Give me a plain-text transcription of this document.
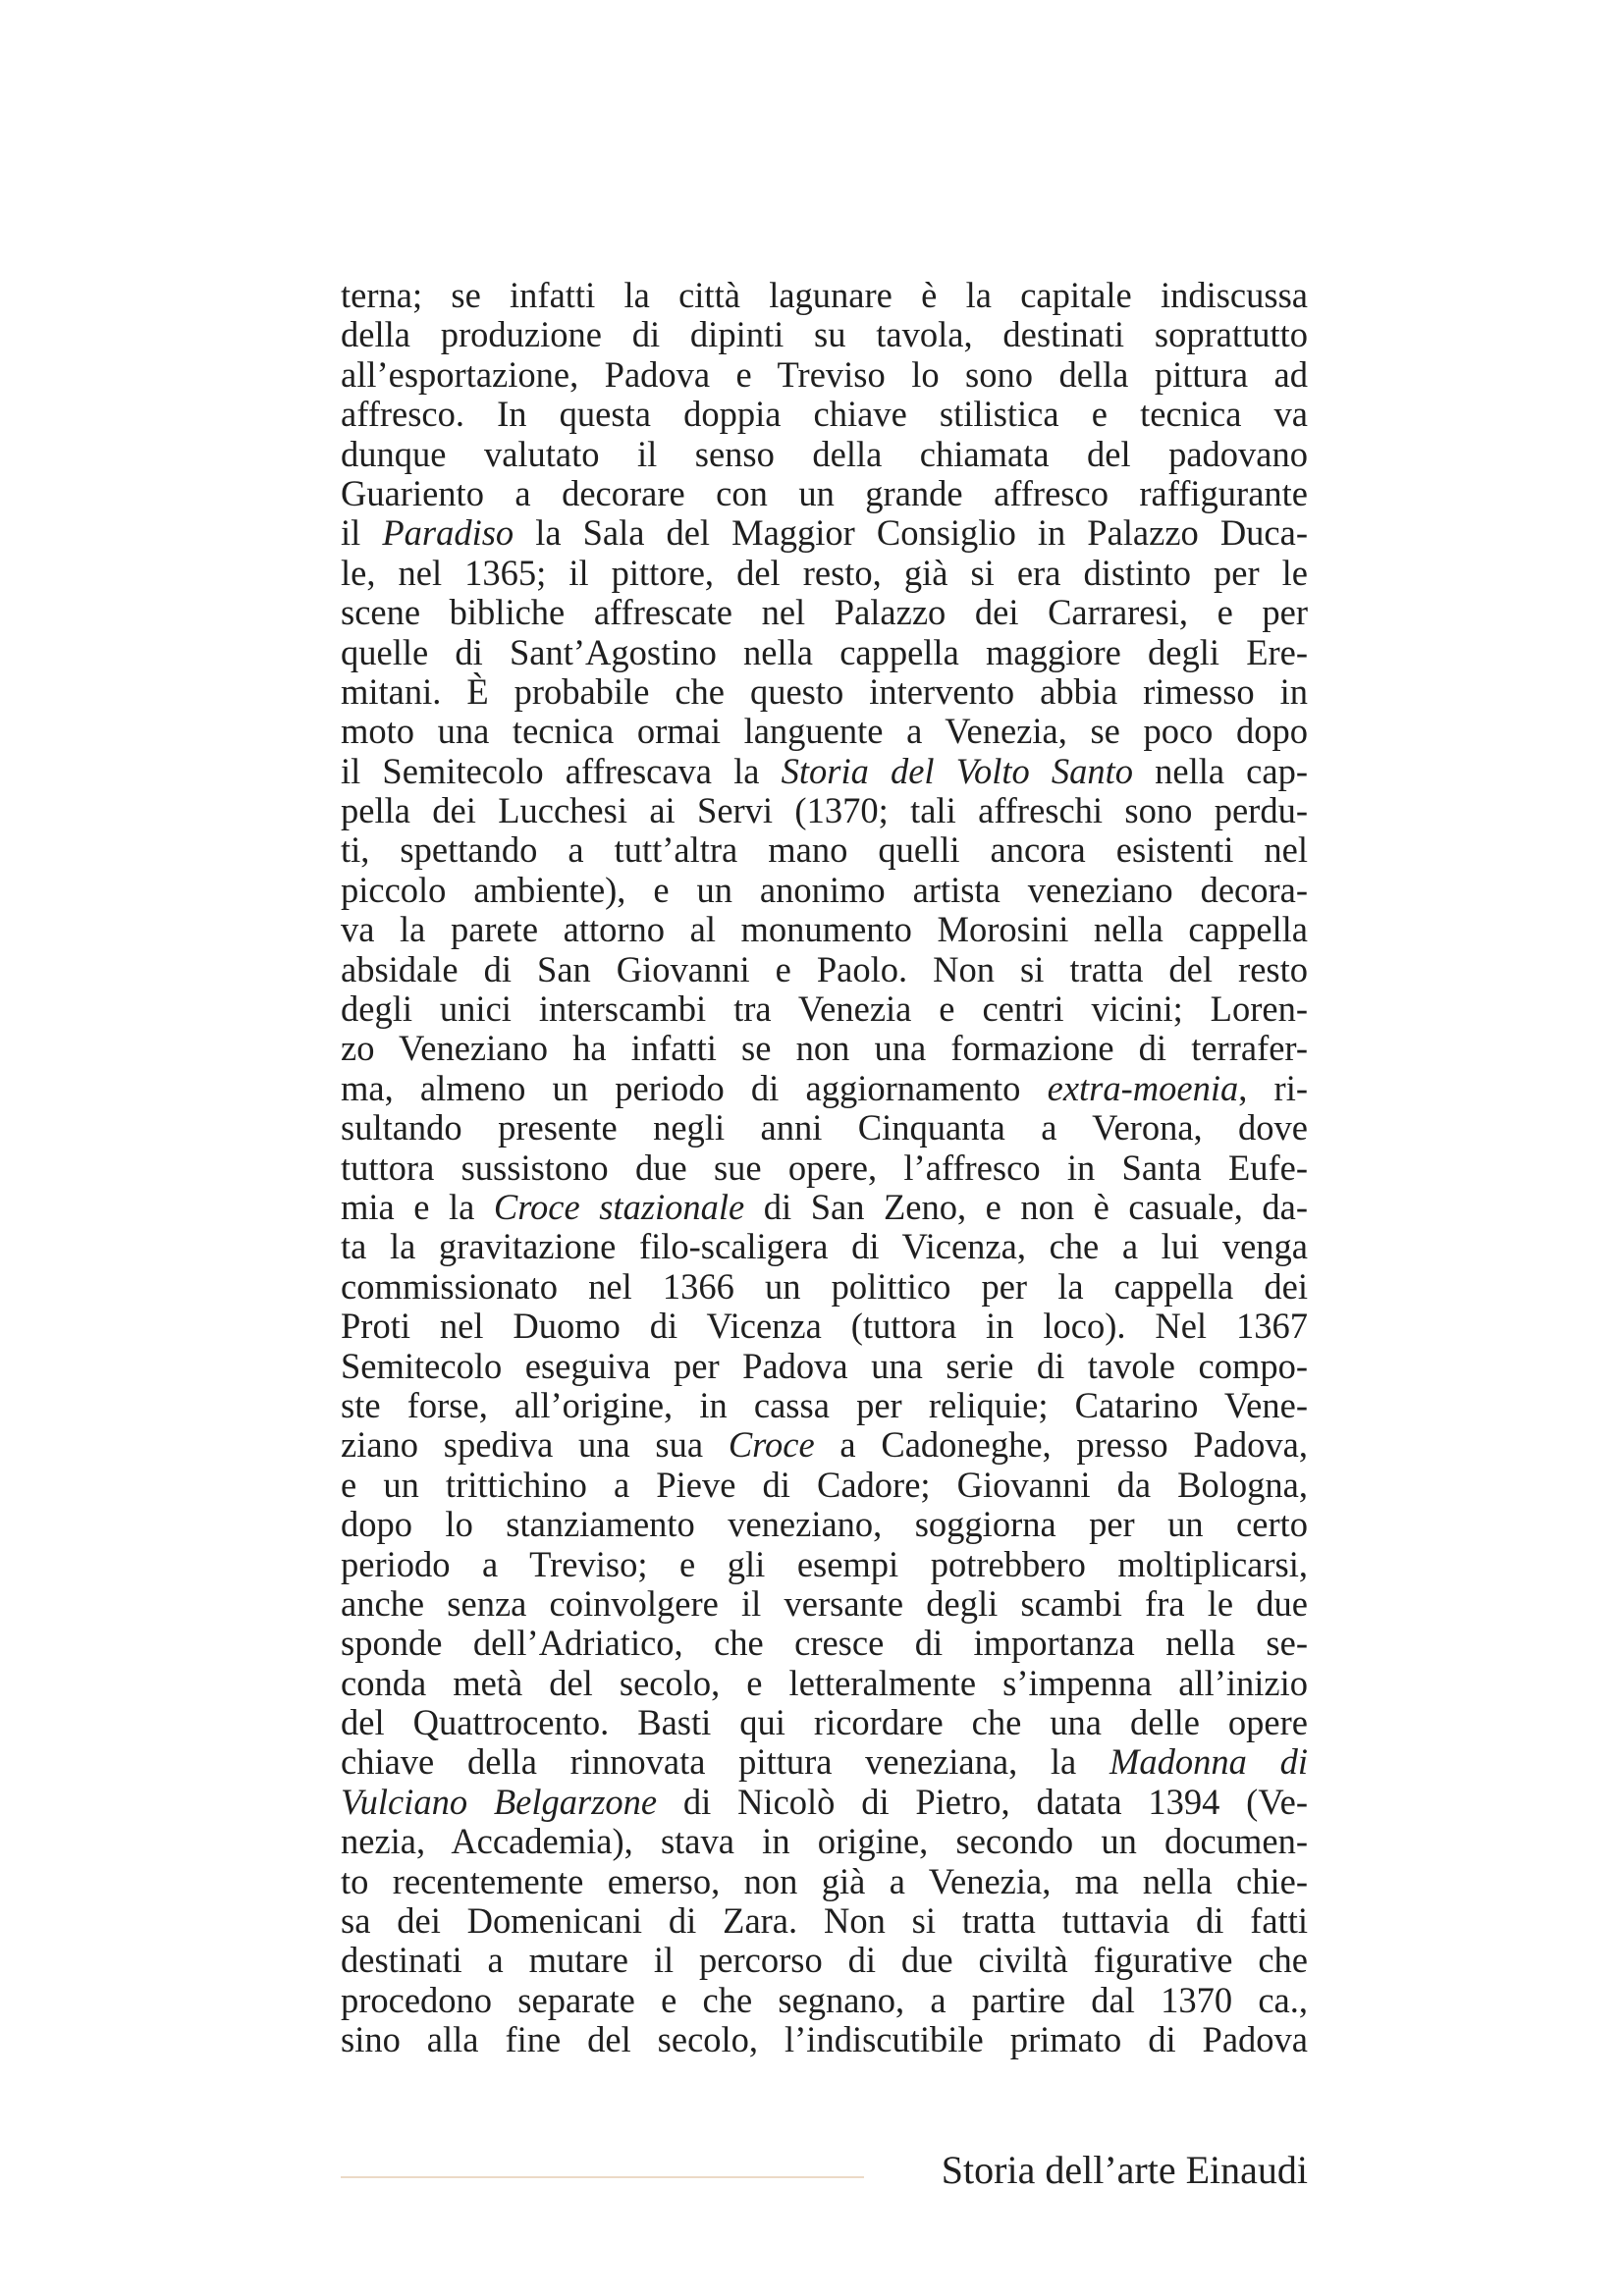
terna; se infatti la città lagunare è la capitale indiscussa
della produzione di dipinti su tavola, destinati soprattutto
all’esportazione, Padova e Treviso lo sono della pittura ad
affresco. In questa doppia chiave stilistica e tecnica va
dunque valutato il senso della chiamata del padovano
Guariento a decorare con un grande affresco raffigurante
il Paradiso la Sala del Maggior Consiglio in Palazzo Duca-
le, nel 1365; il pittore, del resto, già si era distinto per le
scene bibliche affrescate nel Palazzo dei Carraresi, e per
quelle di Sant’Agostino nella cappella maggiore degli Ere-
mitani. È probabile che questo intervento abbia rimesso in
moto una tecnica ormai languente a Venezia, se poco dopo
il Semitecolo affrescava la Storia del Volto Santo nella cap-
pella dei Lucchesi ai Servi (1370; tali affreschi sono perdu-
ti, spettando a tutt’altra mano quelli ancora esistenti nel
piccolo ambiente), e un anonimo artista veneziano decora-
va la parete attorno al monumento Morosini nella cappella
absidale di San Giovanni e Paolo. Non si tratta del resto
degli unici interscambi tra Venezia e centri vicini; Loren-
zo Veneziano ha infatti se non una formazione di terrafer-
ma, almeno un periodo di aggiornamento extra-moenia, ri-
sultando presente negli anni Cinquanta a Verona, dove
tuttora sussistono due sue opere, l’affresco in Santa Eufe-
mia e la Croce stazionale di San Zeno, e non è casuale, da-
ta la gravitazione filo-scaligera di Vicenza, che a lui venga
commissionato nel 1366 un polittico per la cappella dei
Proti nel Duomo di Vicenza (tuttora in loco). Nel 1367
Semitecolo eseguiva per Padova una serie di tavole compo-
ste forse, all’origine, in cassa per reliquie; Catarino Vene-
ziano spediva una sua Croce a Cadoneghe, presso Padova,
e un trittichino a Pieve di Cadore; Giovanni da Bologna,
dopo lo stanziamento veneziano, soggiorna per un certo
periodo a Treviso; e gli esempi potrebbero moltiplicarsi,
anche senza coinvolgere il versante degli scambi fra le due
sponde dell’Adriatico, che cresce di importanza nella se-
conda metà del secolo, e letteralmente s’impenna all’inizio
del Quattrocento. Basti qui ricordare che una delle opere
chiave della rinnovata pittura veneziana, la Madonna di
Vulciano Belgarzone di Nicolò di Pietro, datata 1394 (Ve-
nezia, Accademia), stava in origine, secondo un documen-
to recentemente emerso, non già a Venezia, ma nella chie-
sa dei Domenicani di Zara. Non si tratta tuttavia di fatti
destinati a mutare il percorso di due civiltà figurative che
procedono separate e che segnano, a partire dal 1370 ca.,
sino alla fine del secolo, l’indiscutibile primato di Padova
Storia dell’arte Einaudi
